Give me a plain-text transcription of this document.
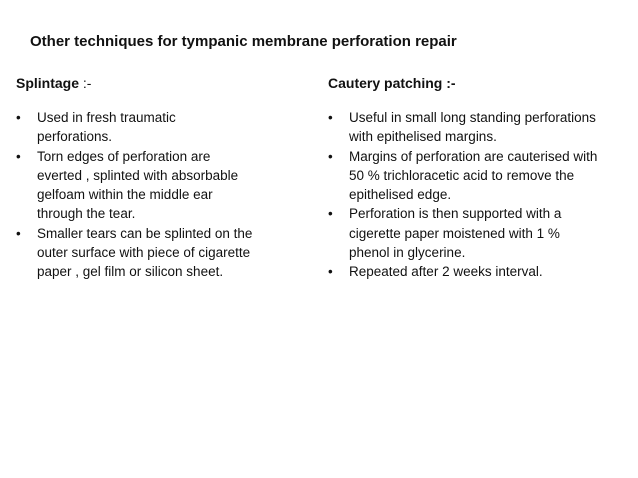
Other techniques for tympanic membrane perforation repair
Splintage :-
•	Used in fresh traumatic
perforations.
•	Torn edges of perforation are
everted , splinted with absorbable
gelfoam within the middle ear
through the tear.
•	Smaller tears can be splinted on the
outer surface with piece of cigarette
paper , gel film or silicon sheet.
Cautery patching :-
•	Useful in small long standing perforations
with epithelised margins.
•	Margins of perforation are cauterised with
50 % trichloracetic acid to remove the
epithelised edge.
•	Perforation is then supported with a
cigerette paper moistened with 1 %
phenol in glycerine.
•	Repeated after 2 weeks interval.
